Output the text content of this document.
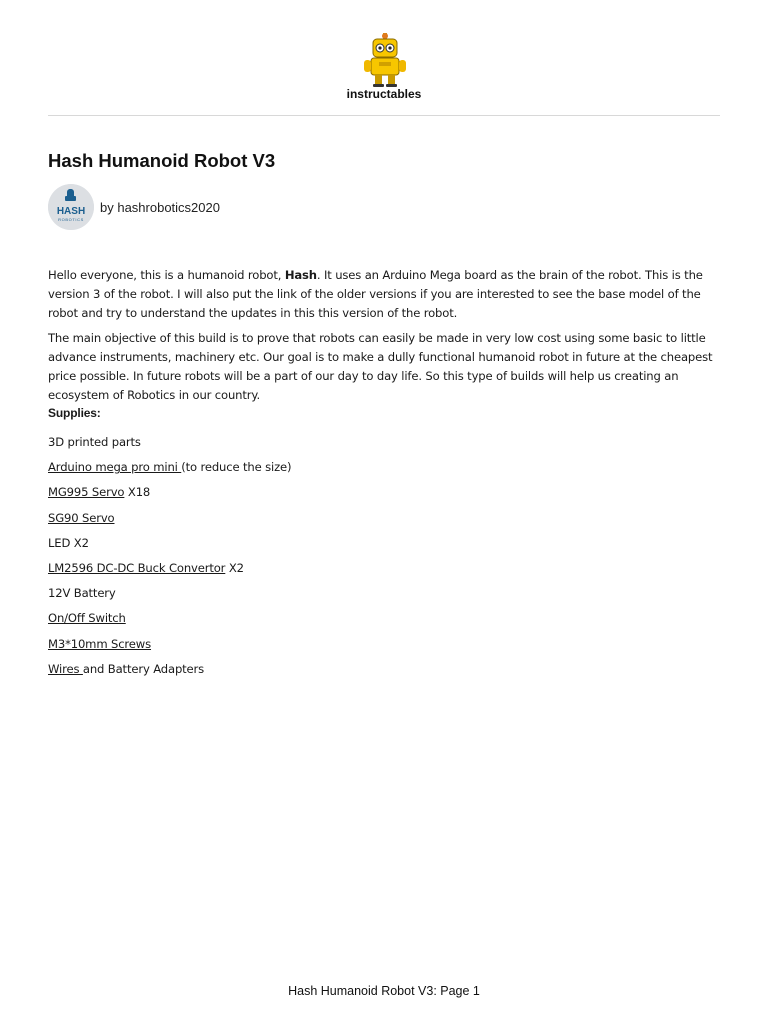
instructables
Hash Humanoid Robot V3
HASH
ROBOTICS
by hashrobotics2020

Hello everyone, this is a humanoid robot, Hash. It uses an Arduino Mega board as the brain of the robot. This is the version 3 of the robot. I will also put the link of the older versions if you are interested to see the base model of the robot and try to understand the updates in this this version of the robot.

The main objective of this build is to prove that robots can easily be made in very low cost using some basic to little advance instruments, machinery etc. Our goal is to make a dully functional humanoid robot in future at the cheapest price possible. In future robots will be a part of our day to day life. So this type of builds will help us creating an ecosystem of Robotics in our country.

Supplies:
3D printed parts
Arduino mega pro mini (to reduce the size)
MG995 Servo X18
SG90 Servo
LED X2
LM2596 DC-DC Buck Convertor X2
12V Battery
On/Off Switch
M3*10mm Screws
Wires and Battery Adapters
Hash Humanoid Robot V3: Page 1
